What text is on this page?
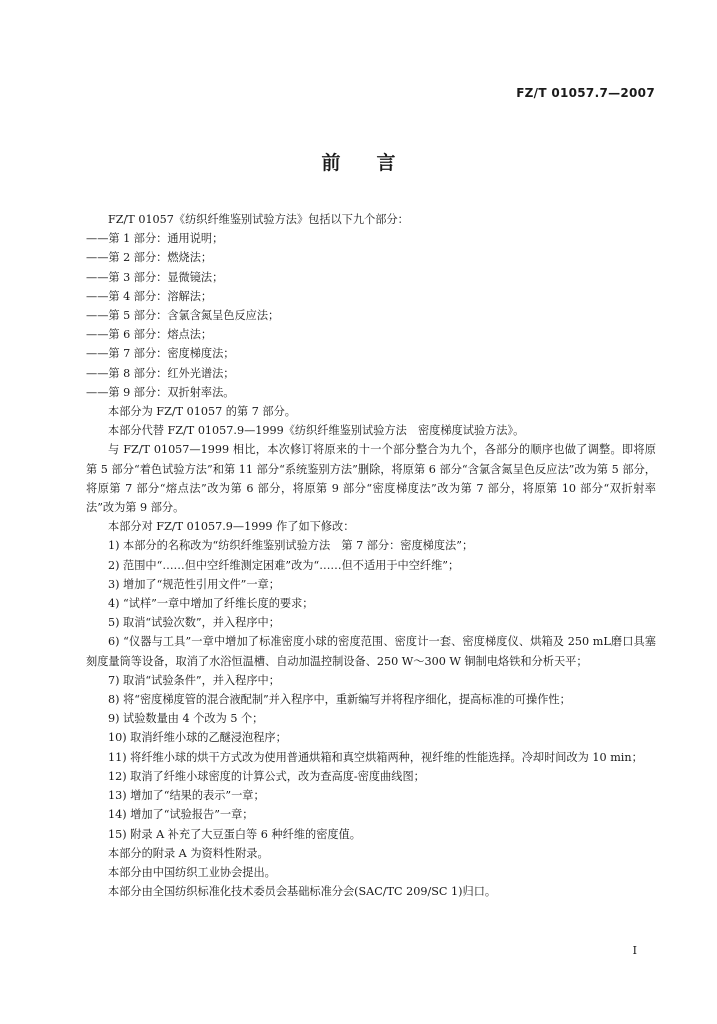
FZ/T 01057.7—2007
前言

FZ/T 01057《纺织纤维鉴别试验方法》包括以下九个部分：

——第 1 部分：通用说明；

——第 2 部分：燃烧法；

——第 3 部分：显微镜法；

——第 4 部分：溶解法；

——第 5 部分：含氯含氮呈色反应法；

——第 6 部分：熔点法；

——第 7 部分：密度梯度法；

——第 8 部分：红外光谱法；

——第 9 部分：双折射率法。

本部分为 FZ/T 01057 的第 7 部分。

本部分代替 FZ/T 01057.9—1999《纺织纤维鉴别试验方法　密度梯度试验方法》。

与 FZ/T 01057—1999 相比，本次修订将原来的十一个部分整合为九个，各部分的顺序也做了调整。即将原第 5 部分“着色试验方法”和第 11 部分“系统鉴别方法”删除，将原第 6 部分“含氯含氮呈色反应法”改为第 5 部分，将原第 7 部分“熔点法”改为第 6 部分，将原第 9 部分“密度梯度法”改为第 7 部分，将原第 10 部分“双折射率法”改为第 9 部分。

本部分对 FZ/T 01057.9—1999 作了如下修改：

1) 本部分的名称改为“纺织纤维鉴别试验方法　第 7 部分：密度梯度法”；

2) 范围中“……但中空纤维测定困难”改为“……但不适用于中空纤维”；

3) 增加了“规范性引用文件”一章；

4) “试样”一章中增加了纤维长度的要求；

5) 取消“试验次数”，并入程序中；

6) “仪器与工具”一章中增加了标准密度小球的密度范围、密度计一套、密度梯度仪、烘箱及 250 mL磨口具塞刻度量筒等设备，取消了水浴恒温槽、自动加温控制设备、250 W～300 W 铜制电烙铁和分析天平；

7) 取消“试验条件”，并入程序中；

8) 将“密度梯度管的混合液配制”并入程序中，重新编写并将程序细化，提高标准的可操作性；

9) 试验数量由 4 个改为 5 个；

10) 取消纤维小球的乙醚浸泡程序；

11) 将纤维小球的烘干方式改为使用普通烘箱和真空烘箱两种，视纤维的性能选择。冷却时间改为 10 min；

12) 取消了纤维小球密度的计算公式，改为查高度-密度曲线图；

13) 增加了“结果的表示”一章；

14) 增加了“试验报告”一章；

15) 附录 A 补充了大豆蛋白等 6 种纤维的密度值。

本部分的附录 A 为资料性附录。

本部分由中国纺织工业协会提出。

本部分由全国纺织标准化技术委员会基础标准分会(SAC/TC 209/SC 1)归口。

I
